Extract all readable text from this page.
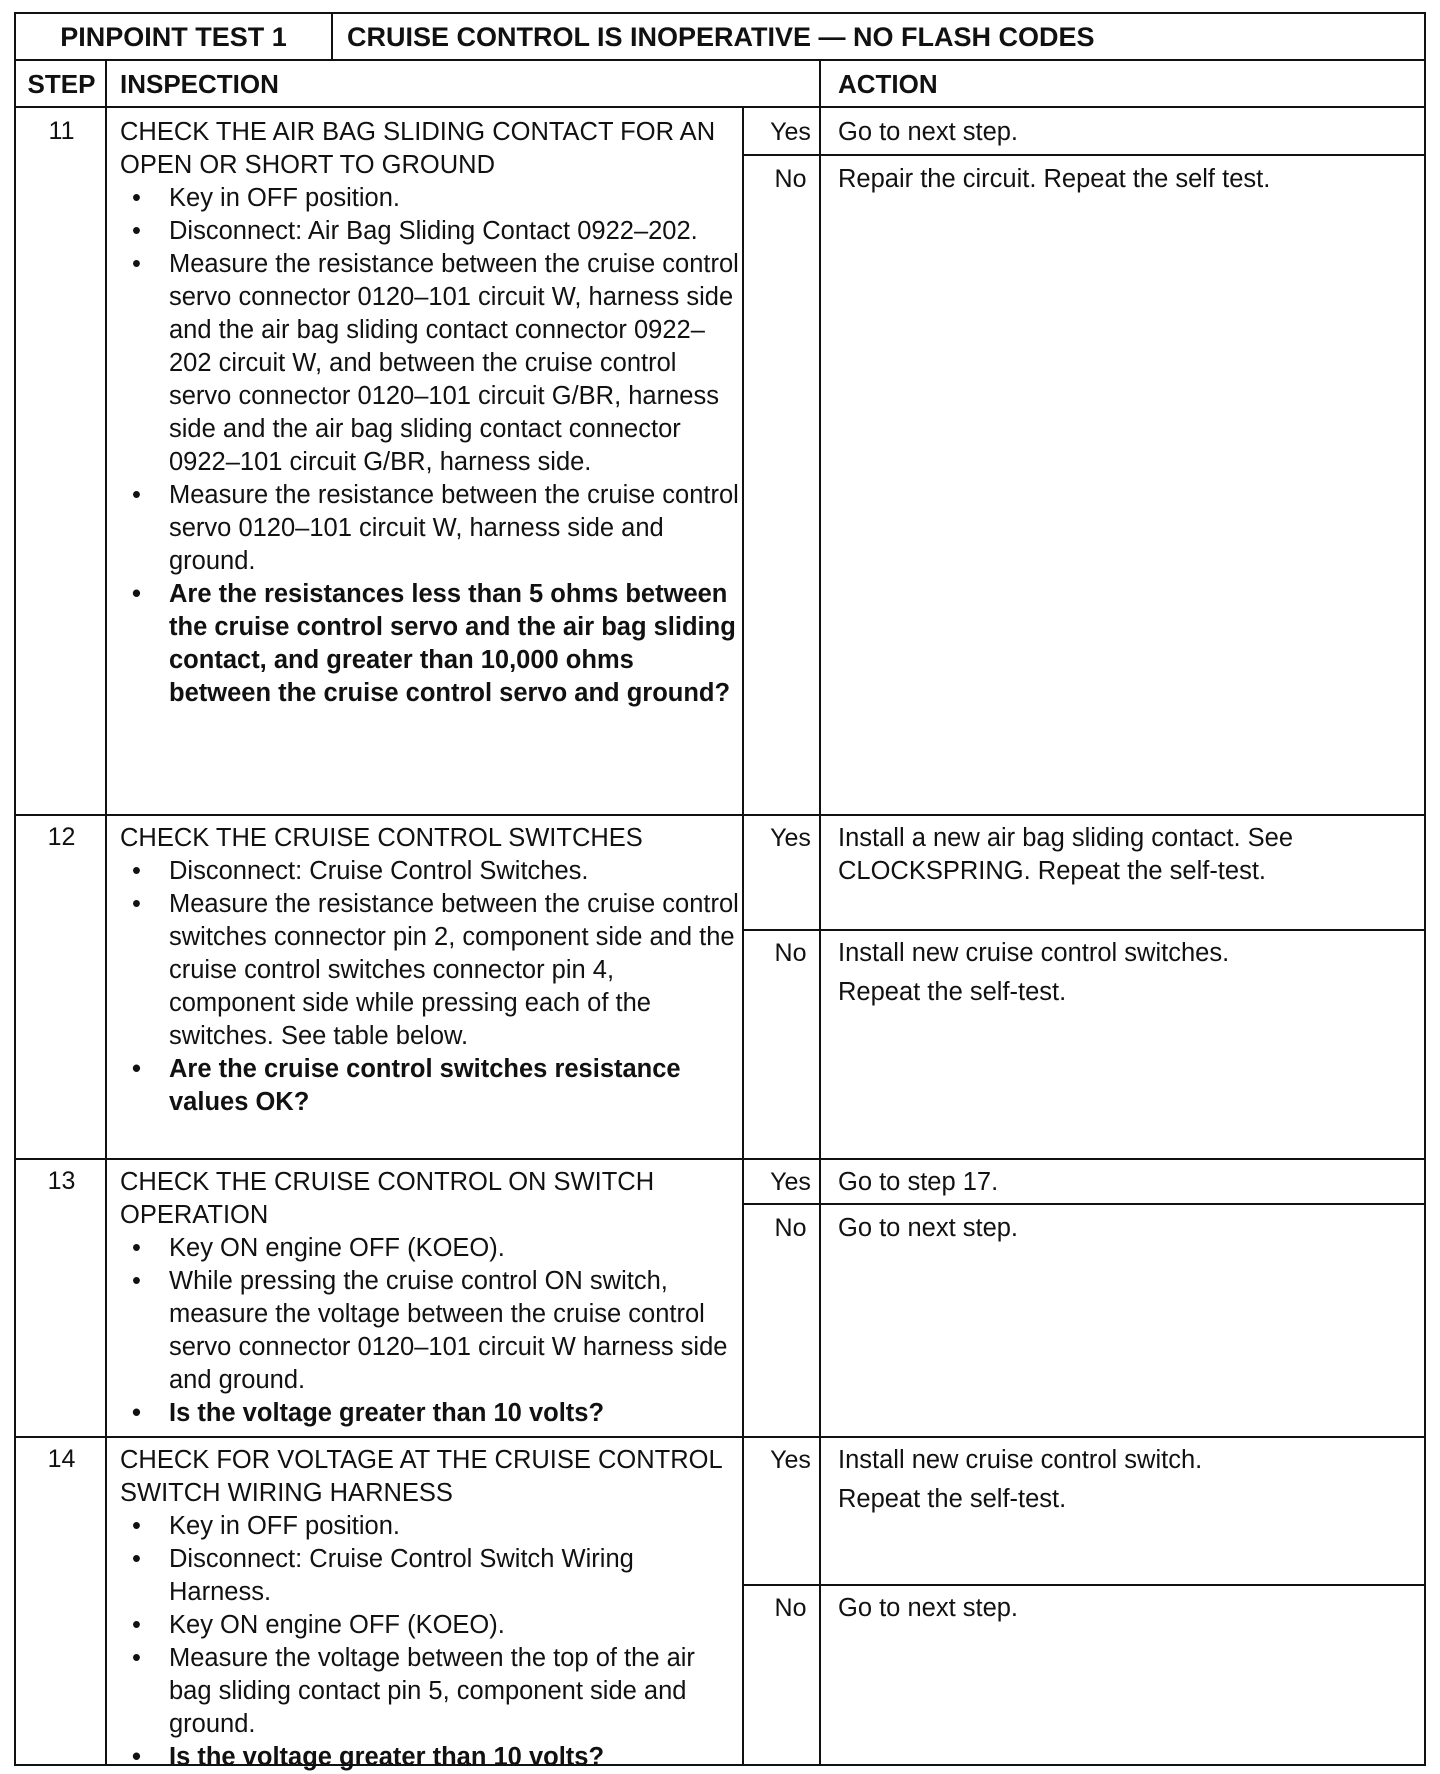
PINPOINT TEST 1	CRUISE CONTROL IS INOPERATIVE — NO FLASH CODES
STEP INSPECTION	ACTION
11	CHECK THE AIR BAG SLIDING CONTACT FOR AN OPEN OR SHORT TO GROUND
• Key in OFF position.
• Disconnect: Air Bag Sliding Contact 0922–202.
• Measure the resistance between the cruise control servo connector 0120–101 circuit W, harness side and the air bag sliding contact connector 0922–202 circuit W, and between the cruise control servo connector 0120–101 circuit G/BR, harness side and the air bag sliding contact connector 0922–101 circuit G/BR, harness side.
• Measure the resistance between the cruise control servo 0120–101 circuit W, harness side and ground.
• Are the resistances less than 5 ohms between the cruise control servo and the air bag sliding contact, and greater than 10,000 ohms between the cruise control servo and ground?
Yes	Go to next step.

No	Repair the circuit. Repeat the self test.

12	CHECK THE CRUISE CONTROL SWITCHES
• Disconnect: Cruise Control Switches.
• Measure the resistance between the cruise control switches connector pin 2, component side and the cruise control switches connector pin 4, component side while pressing each of the switches. See table below.
• Are the cruise control switches resistance values OK?
Yes	Install a new air bag sliding contact. See CLOCKSPRING. Repeat the self-test.

No	Install new cruise control switches.

Repeat the self-test.

13	CHECK THE CRUISE CONTROL ON SWITCH OPERATION
• Key ON engine OFF (KOEO).
• While pressing the cruise control ON switch, measure the voltage between the cruise control servo connector 0120–101 circuit W harness side and ground.
• Is the voltage greater than 10 volts?
Yes	Go to step 17.

No	Go to next step.

14	CHECK FOR VOLTAGE AT THE CRUISE CONTROL SWITCH WIRING HARNESS
• Key in OFF position.
• Disconnect: Cruise Control Switch Wiring Harness.
• Key ON engine OFF (KOEO).
• Measure the voltage between the top of the air bag sliding contact pin 5, component side and ground.
• Is the voltage greater than 10 volts?
Yes	Install new cruise control switch.

Repeat the self-test.

No	Go to next step.
